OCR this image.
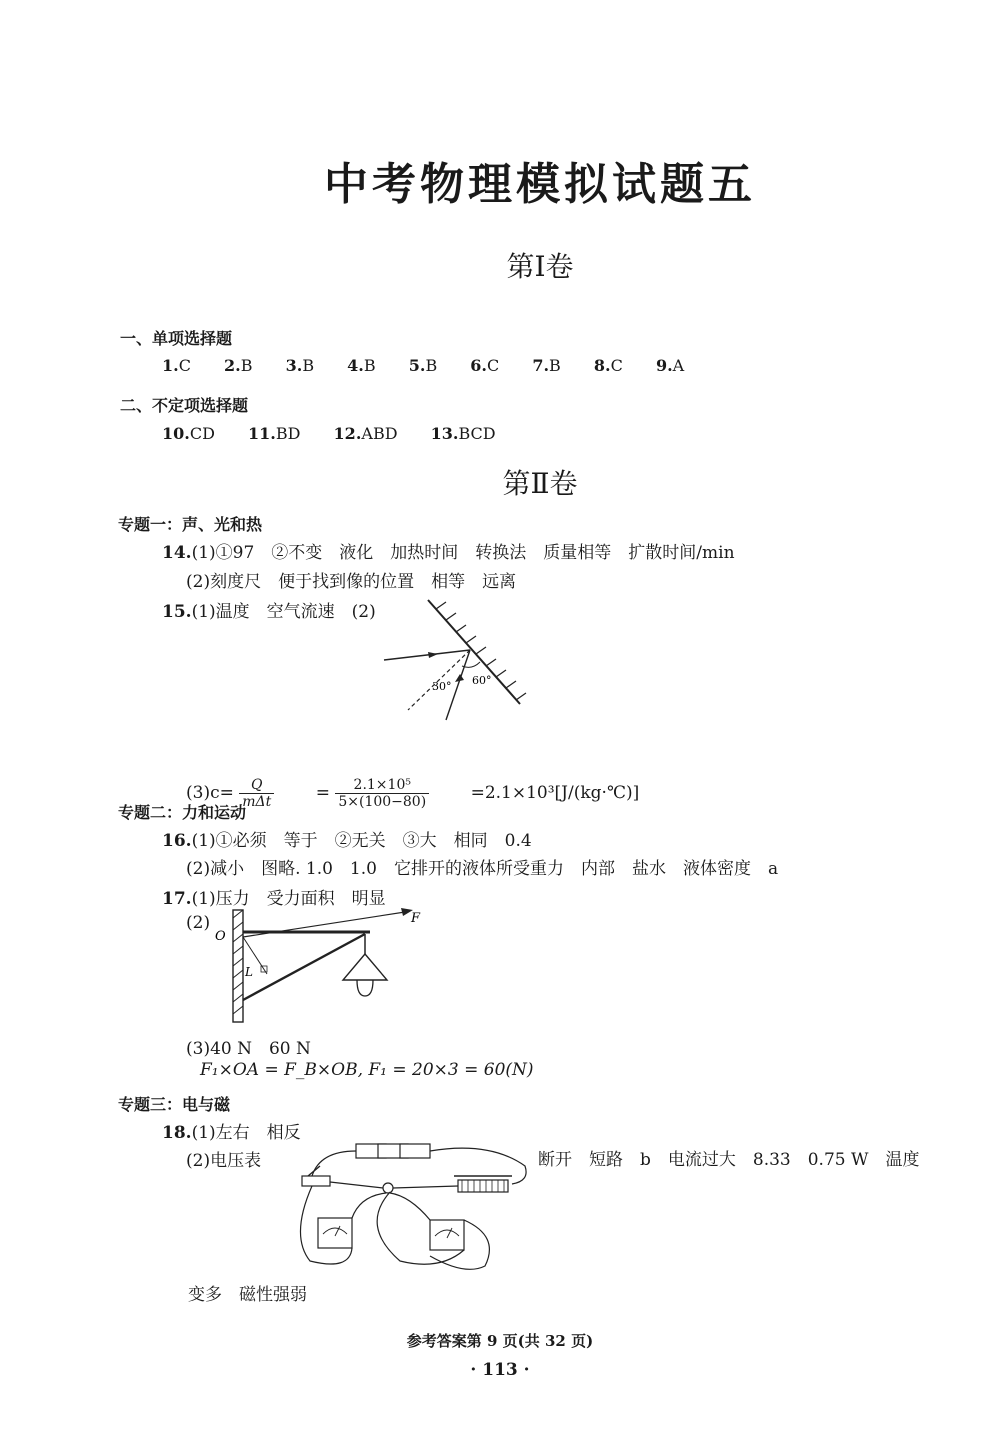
中考物理模拟试题五
第Ⅰ卷
一、单项选择题
1.C 2.B 3.B 4.B 5.B 6.C 7.B 8.C 9.A
二、不定项选择题
10.CD 11.BD 12.ABD 13.BCD
第Ⅱ卷
专题一：声、光和热
14.(1)①97　②不变　液化　加热时间　转换法　质量相等　扩散时间/min
(2)刻度尺　便于找到像的位置　相等　远离
15.(1)温度　空气流速　(2)
30° 60°
$(3)c= \frac{Q}{\text{mΔt}} = \frac{\text{2.1×10⁵}}{5\times(100-80)}$ =2.1×10³[J/(kg·℃)]
专题二：力和运动
16.(1)①必须　等于　②无关　③大　相同　0.4
(2)减小　图略. 1.0　1.0　它排开的液体所受重力　内部　盐水　液体密度　a
17.(1)压力　受力面积　明显
(2)	F
O
L
(3)40 N　60 N
F₁×OA = F_B×OB, F₁ = 20×3 = 60(N)
专题三：电与磁
18.(1)左右　相反
(2)电压表	断开　短路　b　电流过大　8.33　0.75 W　温度
变多　磁性强弱
参考答案第 9 页(共 32 页)
· 113 ·
